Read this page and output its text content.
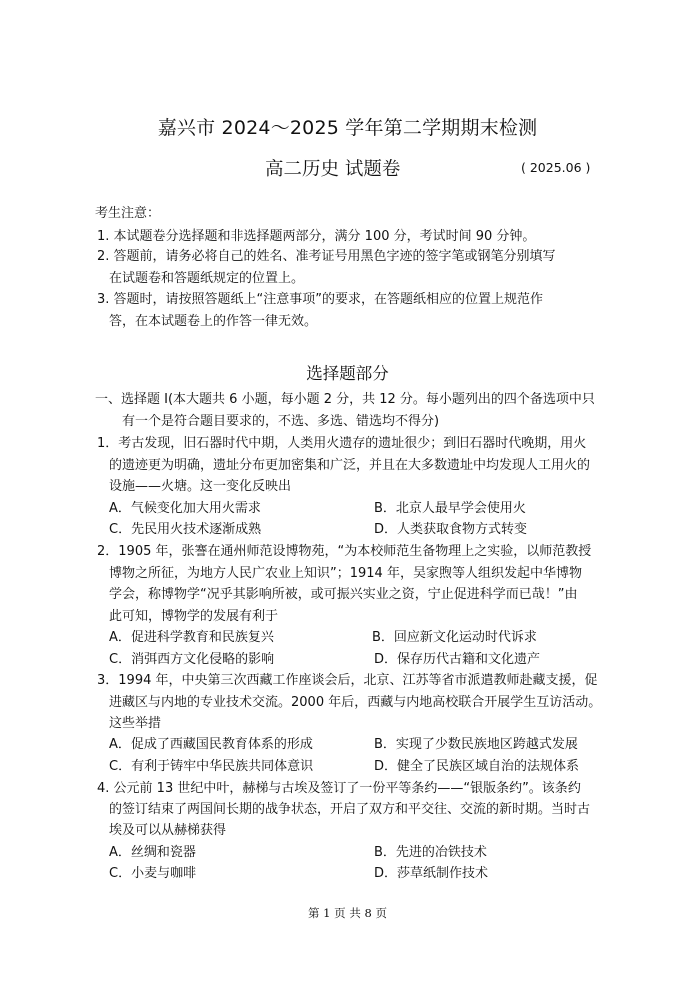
嘉兴市 2024～2025 学年第二学期期末检测
高二历史 试题卷	( 2025.06 )
考生注意：
1. 本试题卷分选择题和非选择题两部分，满分 100 分，考试时间 90 分钟。
2. 答题前，请务必将自己的姓名、准考证号用黑色字迹的签字笔或钢笔分别填写
在试题卷和答题纸规定的位置上。
3. 答题时，请按照答题纸上“注意事项”的要求，在答题纸相应的位置上规范作
答，在本试题卷上的作答一律无效。
选择题部分
一、选择题 Ⅰ(本大题共 6 小题，每小题 2 分，共 12 分。每小题列出的四个备选项中只
有一个是符合题目要求的，不选、多选、错选均不得分)
1．考古发现，旧石器时代中期，人类用火遗存的遗址很少；到旧石器时代晚期，用火
的遗迹更为明确，遗址分布更加密集和广泛，并且在大多数遗址中均发现人工用火的
设施——火塘。这一变化反映出
A．气候变化加大用火需求	B．北京人最早学会使用火
C．先民用火技术逐渐成熟	D．人类获取食物方式转变
2．1905 年，张謇在通州师范设博物苑，“为本校师范生备物理上之实验，以师范教授
博物之所征，为地方人民广农业上知识”；1914 年，吴家煦等人组织发起中华博物
学会，称博物学“况乎其影响所被，或可振兴实业之资，宁止促进科学而已哉！”由
此可知，博物学的发展有利于
A．促进科学教育和民族复兴	B．回应新文化运动时代诉求
C．消弭西方文化侵略的影响	D．保存历代古籍和文化遗产
3．1994 年，中央第三次西藏工作座谈会后，北京、江苏等省市派遣教师赴藏支援，促
进藏区与内地的专业技术交流。2000 年后，西藏与内地高校联合开展学生互访活动。
这些举措
A．促成了西藏国民教育体系的形成	B．实现了少数民族地区跨越式发展
C．有利于铸牢中华民族共同体意识	D．健全了民族区域自治的法规体系
4. 公元前 13 世纪中叶，赫梯与古埃及签订了一份平等条约——“银版条约”。该条约
的签订结束了两国间长期的战争状态，开启了双方和平交往、交流的新时期。当时古
埃及可以从赫梯获得
A．丝绸和瓷器	B．先进的冶铁技术
C．小麦与咖啡	D．莎草纸制作技术
第 1 页 共 8 页
